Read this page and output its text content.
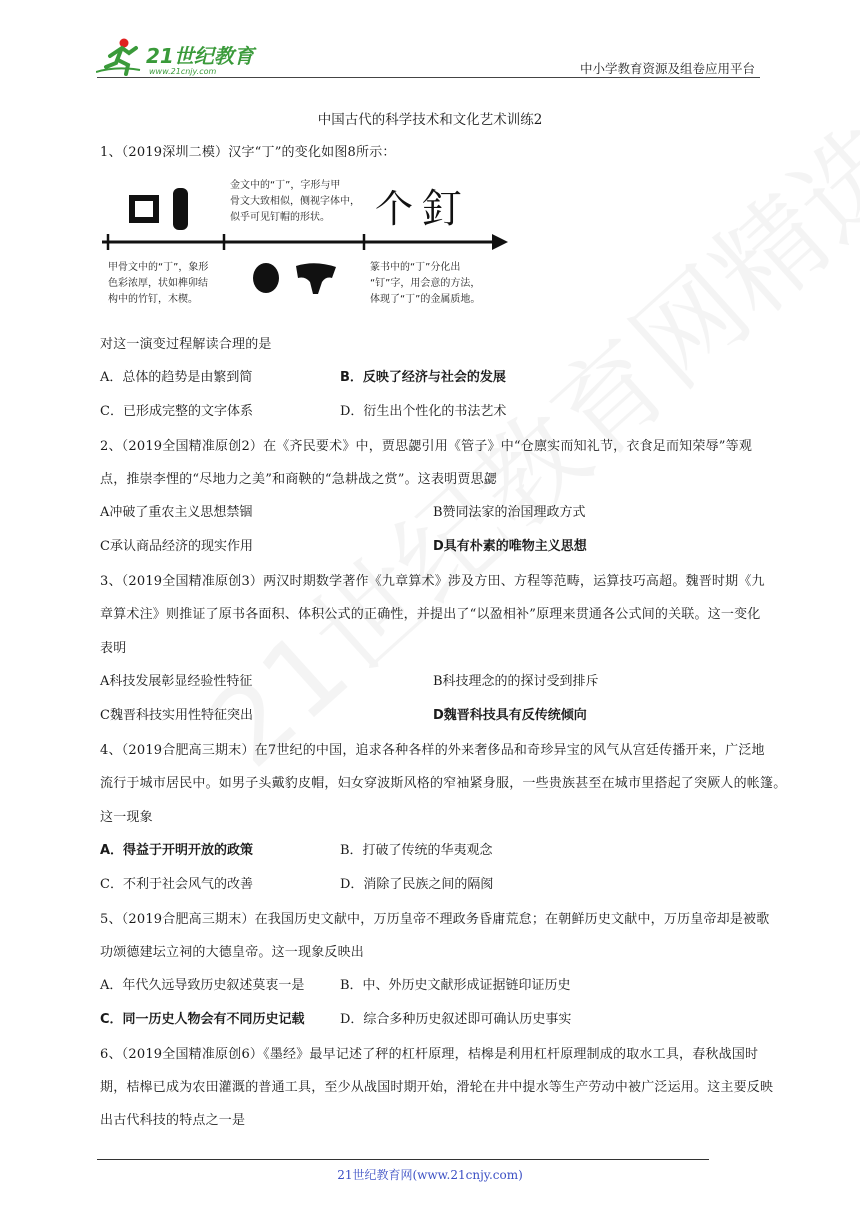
21世纪教育
www.21cnjy.com	中小学教育资源及组卷应用平台
中国古代的科学技术和文化艺术训练2
1、（2019深圳二模）汉字“丁”的变化如图8所示：
个 釘
金文中的“丁”，字形与甲
骨文大致相似，侧视字体中，
似乎可见钉帽的形状。
甲骨文中的“丁”，象形
色彩浓厚，状如榫卯结
构中的竹钉，木楔。
篆书中的“丁”分化出
“钉”字，用会意的方法，
体现了“丁”的金属质地。
对这一演变过程解读合理的是
A．总体的趋势是由繁到简	B．反映了经济与社会的发展
C．已形成完整的文字体系	D．衍生出个性化的书法艺术
2、（2019全国精准原创2）在《齐民要术》中，贾思勰引用《管子》中“仓廪实而知礼节，衣食足而知荣辱”等观
点，推崇李悝的“尽地力之美”和商鞅的“急耕战之赏”。这表明贾思勰
A冲破了重农主义思想禁锢	B赞同法家的治国理政方式
C承认商品经济的现实作用	D具有朴素的唯物主义思想
3、（2019全国精准原创3）两汉时期数学著作《九章算术》涉及方田、方程等范畴，运算技巧高超。魏晋时期《九
章算术注》则推证了原书各面积、体积公式的正确性，并提出了“以盈相补”原理来贯通各公式间的关联。这一变化
表明
A科技发展彰显经验性特征	B科技理念的的探讨受到排斥
C魏晋科技实用性特征突出	D魏晋科技具有反传统倾向
4、（2019合肥高三期末）在7世纪的中国，追求各种各样的外来奢侈品和奇珍异宝的风气从宫廷传播开来，广泛地
流行于城市居民中。如男子头戴豹皮帽，妇女穿波斯风格的窄袖紧身服，一些贵族甚至在城市里搭起了突厥人的帐篷。
这一现象
A．得益于开明开放的政策	B．打破了传统的华夷观念
C．不利于社会风气的改善	D．消除了民族之间的隔阂
5、（2019合肥高三期末）在我国历史文献中，万历皇帝不理政务昏庸荒怠；在朝鲜历史文献中，万历皇帝却是被歌
功颂德建坛立祠的大德皇帝。这一现象反映出
A．年代久远导致历史叙述莫衷一是	B．中、外历史文献形成证据链印证历史
C．同一历史人物会有不同历史记载	D．综合多种历史叙述即可确认历史事实
6、（2019全国精准原创6）《墨经》最早记述了秤的杠杆原理，桔槔是利用杠杆原理制成的取水工具，春秋战国时
期，桔槔已成为农田灌溉的普通工具，至少从战国时期开始，滑轮在井中提水等生产劳动中被广泛运用。这主要反映
出古代科技的特点之一是
21世纪教育网(www.21cnjy.com)
